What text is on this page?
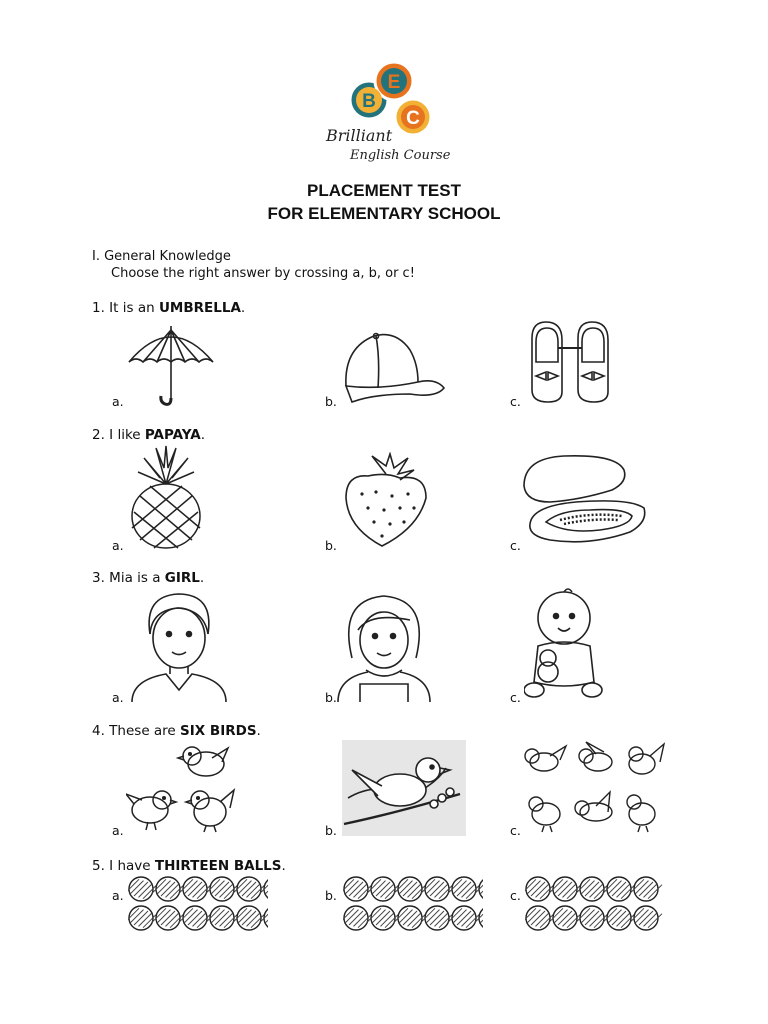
B
E
C
Brilliant
English Course
PLACEMENT TEST
FOR ELEMENTARY SCHOOL
I. General Knowledge
Choose the right answer by crossing a, b, or c!
1. It is an UMBRELLA.
a.	b.	c.
2. I like PAPAYA.
a.	b.	c.
3. Mia is a GIRL.
a.	b.	c.
4. These are SIX BIRDS.
a.	b.	c.
5. I have THIRTEEN BALLS.
a.	b.	c.
